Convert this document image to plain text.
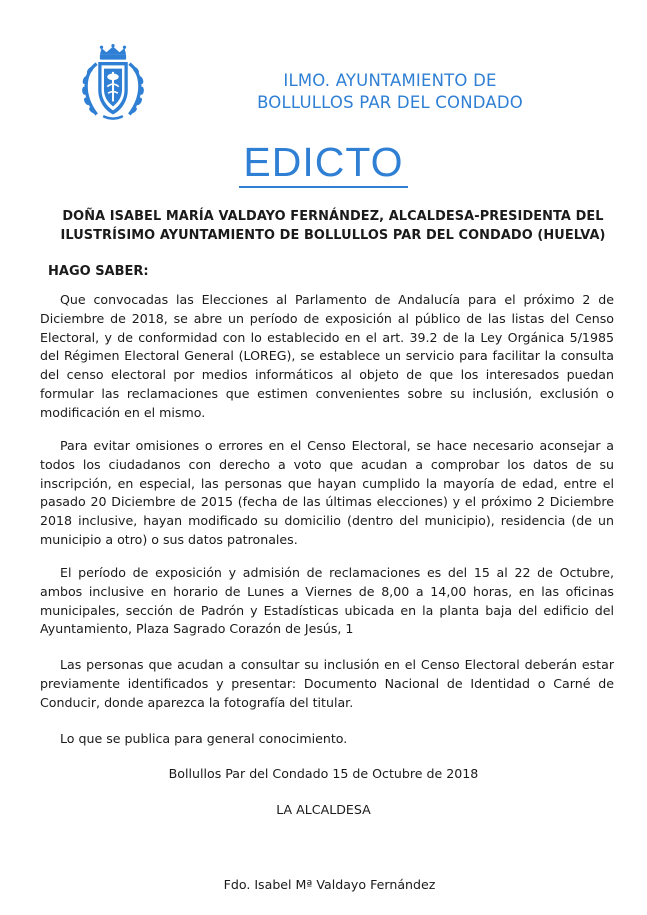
ILMO. AYUNTAMIENTO DE
BOLLULLOS PAR DEL CONDADO
EDICTO
DOÑA ISABEL MARÍA VALDAYO FERNÁNDEZ, ALCALDESA-PRESIDENTA DEL
ILUSTRÍSIMO AYUNTAMIENTO DE BOLLULLOS PAR DEL CONDADO (HUELVA)
HAGO SABER:
Que convocadas las Elecciones al Parlamento de Andalucía para el próximo 2 de Diciembre de 2018, se abre un período de exposición al público de las listas del Censo Electoral, y de conformidad con lo establecido en el art. 39.2 de la Ley Orgánica 5/1985 del Régimen Electoral General (LOREG), se establece un servicio para facilitar la consulta del censo electoral por medios informáticos al objeto de que los interesados puedan formular las reclamaciones que estimen convenientes sobre su inclusión, exclusión o modificación en el mismo.
Para evitar omisiones o errores en el Censo Electoral, se hace necesario aconsejar a todos los ciudadanos con derecho a voto que acudan a comprobar los datos de su inscripción, en especial, las personas que hayan cumplido la mayoría de edad, entre el pasado 20 Diciembre de 2015 (fecha de las últimas elecciones) y el próximo 2 Diciembre 2018 inclusive, hayan modificado su domicilio (dentro del municipio), residencia (de un municipio a otro) o sus datos patronales.
El período de exposición y admisión de reclamaciones es del 15 al 22 de Octubre, ambos inclusive en horario de Lunes a Viernes de 8,00 a 14,00 horas, en las oficinas municipales, sección de Padrón y Estadísticas ubicada en la planta baja del edificio del Ayuntamiento, Plaza Sagrado Corazón de Jesús, 1
Las personas que acudan a consultar su inclusión en el Censo Electoral deberán estar previamente identificados y presentar: Documento Nacional de Identidad o Carné de Conducir, donde aparezca la fotografía del titular.
Lo que se publica para general conocimiento.
Bollullos Par del Condado 15 de Octubre de 2018
LA ALCALDESA
Fdo. Isabel Mª Valdayo Fernández
